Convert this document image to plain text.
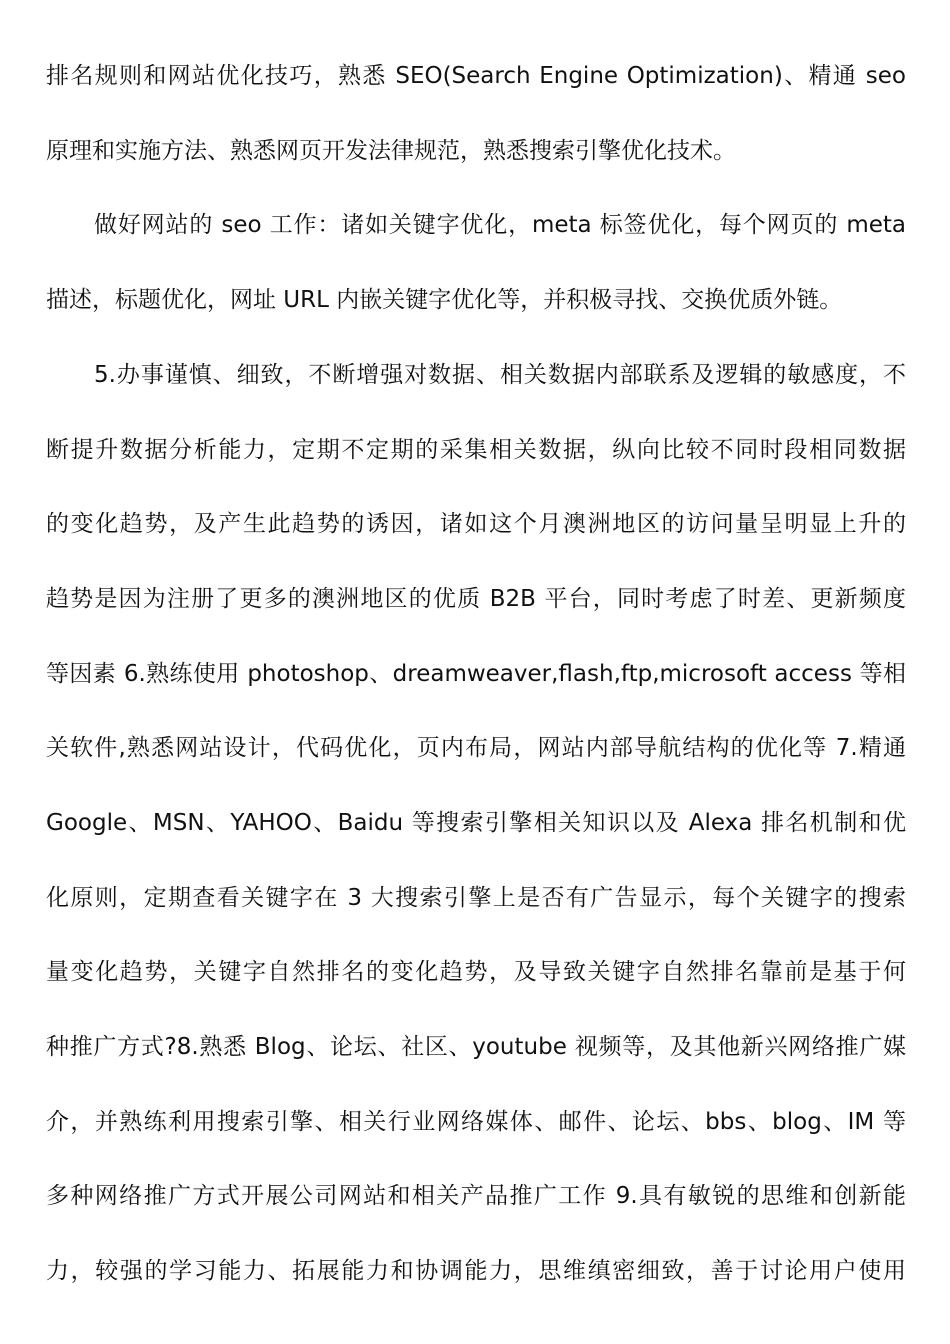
排名规则和网站优化技巧，熟悉 SEO(Search Engine Optimization)、精通 seo
原理和实施方法、熟悉网页开发法律规范，熟悉搜索引擎优化技术。
做好网站的 seo 工作：诸如关键字优化，meta 标签优化，每个网页的 meta
描述，标题优化，网址 URL 内嵌关键字优化等，并积极寻找、交换优质外链。
5.办事谨慎、细致，不断增强对数据、相关数据内部联系及逻辑的敏感度，不
断提升数据分析能力，定期不定期的采集相关数据，纵向比较不同时段相同数据
的变化趋势，及产生此趋势的诱因，诸如这个月澳洲地区的访问量呈明显上升的
趋势是因为注册了更多的澳洲地区的优质 B2B 平台，同时考虑了时差、更新频度
等因素 6.熟练使用 photoshop、dreamweaver,flash,ftp,microsoft access 等相
关软件,熟悉网站设计，代码优化，页内布局，网站内部导航结构的优化等 7.精通
Google、MSN、YAHOO、Baidu 等搜索引擎相关知识以及 Alexa 排名机制和优
化原则，定期查看关键字在 3 大搜索引擎上是否有广告显示，每个关键字的搜索
量变化趋势，关键字自然排名的变化趋势，及导致关键字自然排名靠前是基于何
种推广方式?8.熟悉 Blog、论坛、社区、youtube 视频等，及其他新兴网络推广媒
介，并熟练利用搜索引擎、相关行业网络媒体、邮件、论坛、bbs、blog、IM 等
多种网络推广方式开展公司网站和相关产品推广工作 9.具有敏锐的思维和创新能
力，较强的学习能力、拓展能力和协调能力，思维缜密细致，善于讨论用户使用
